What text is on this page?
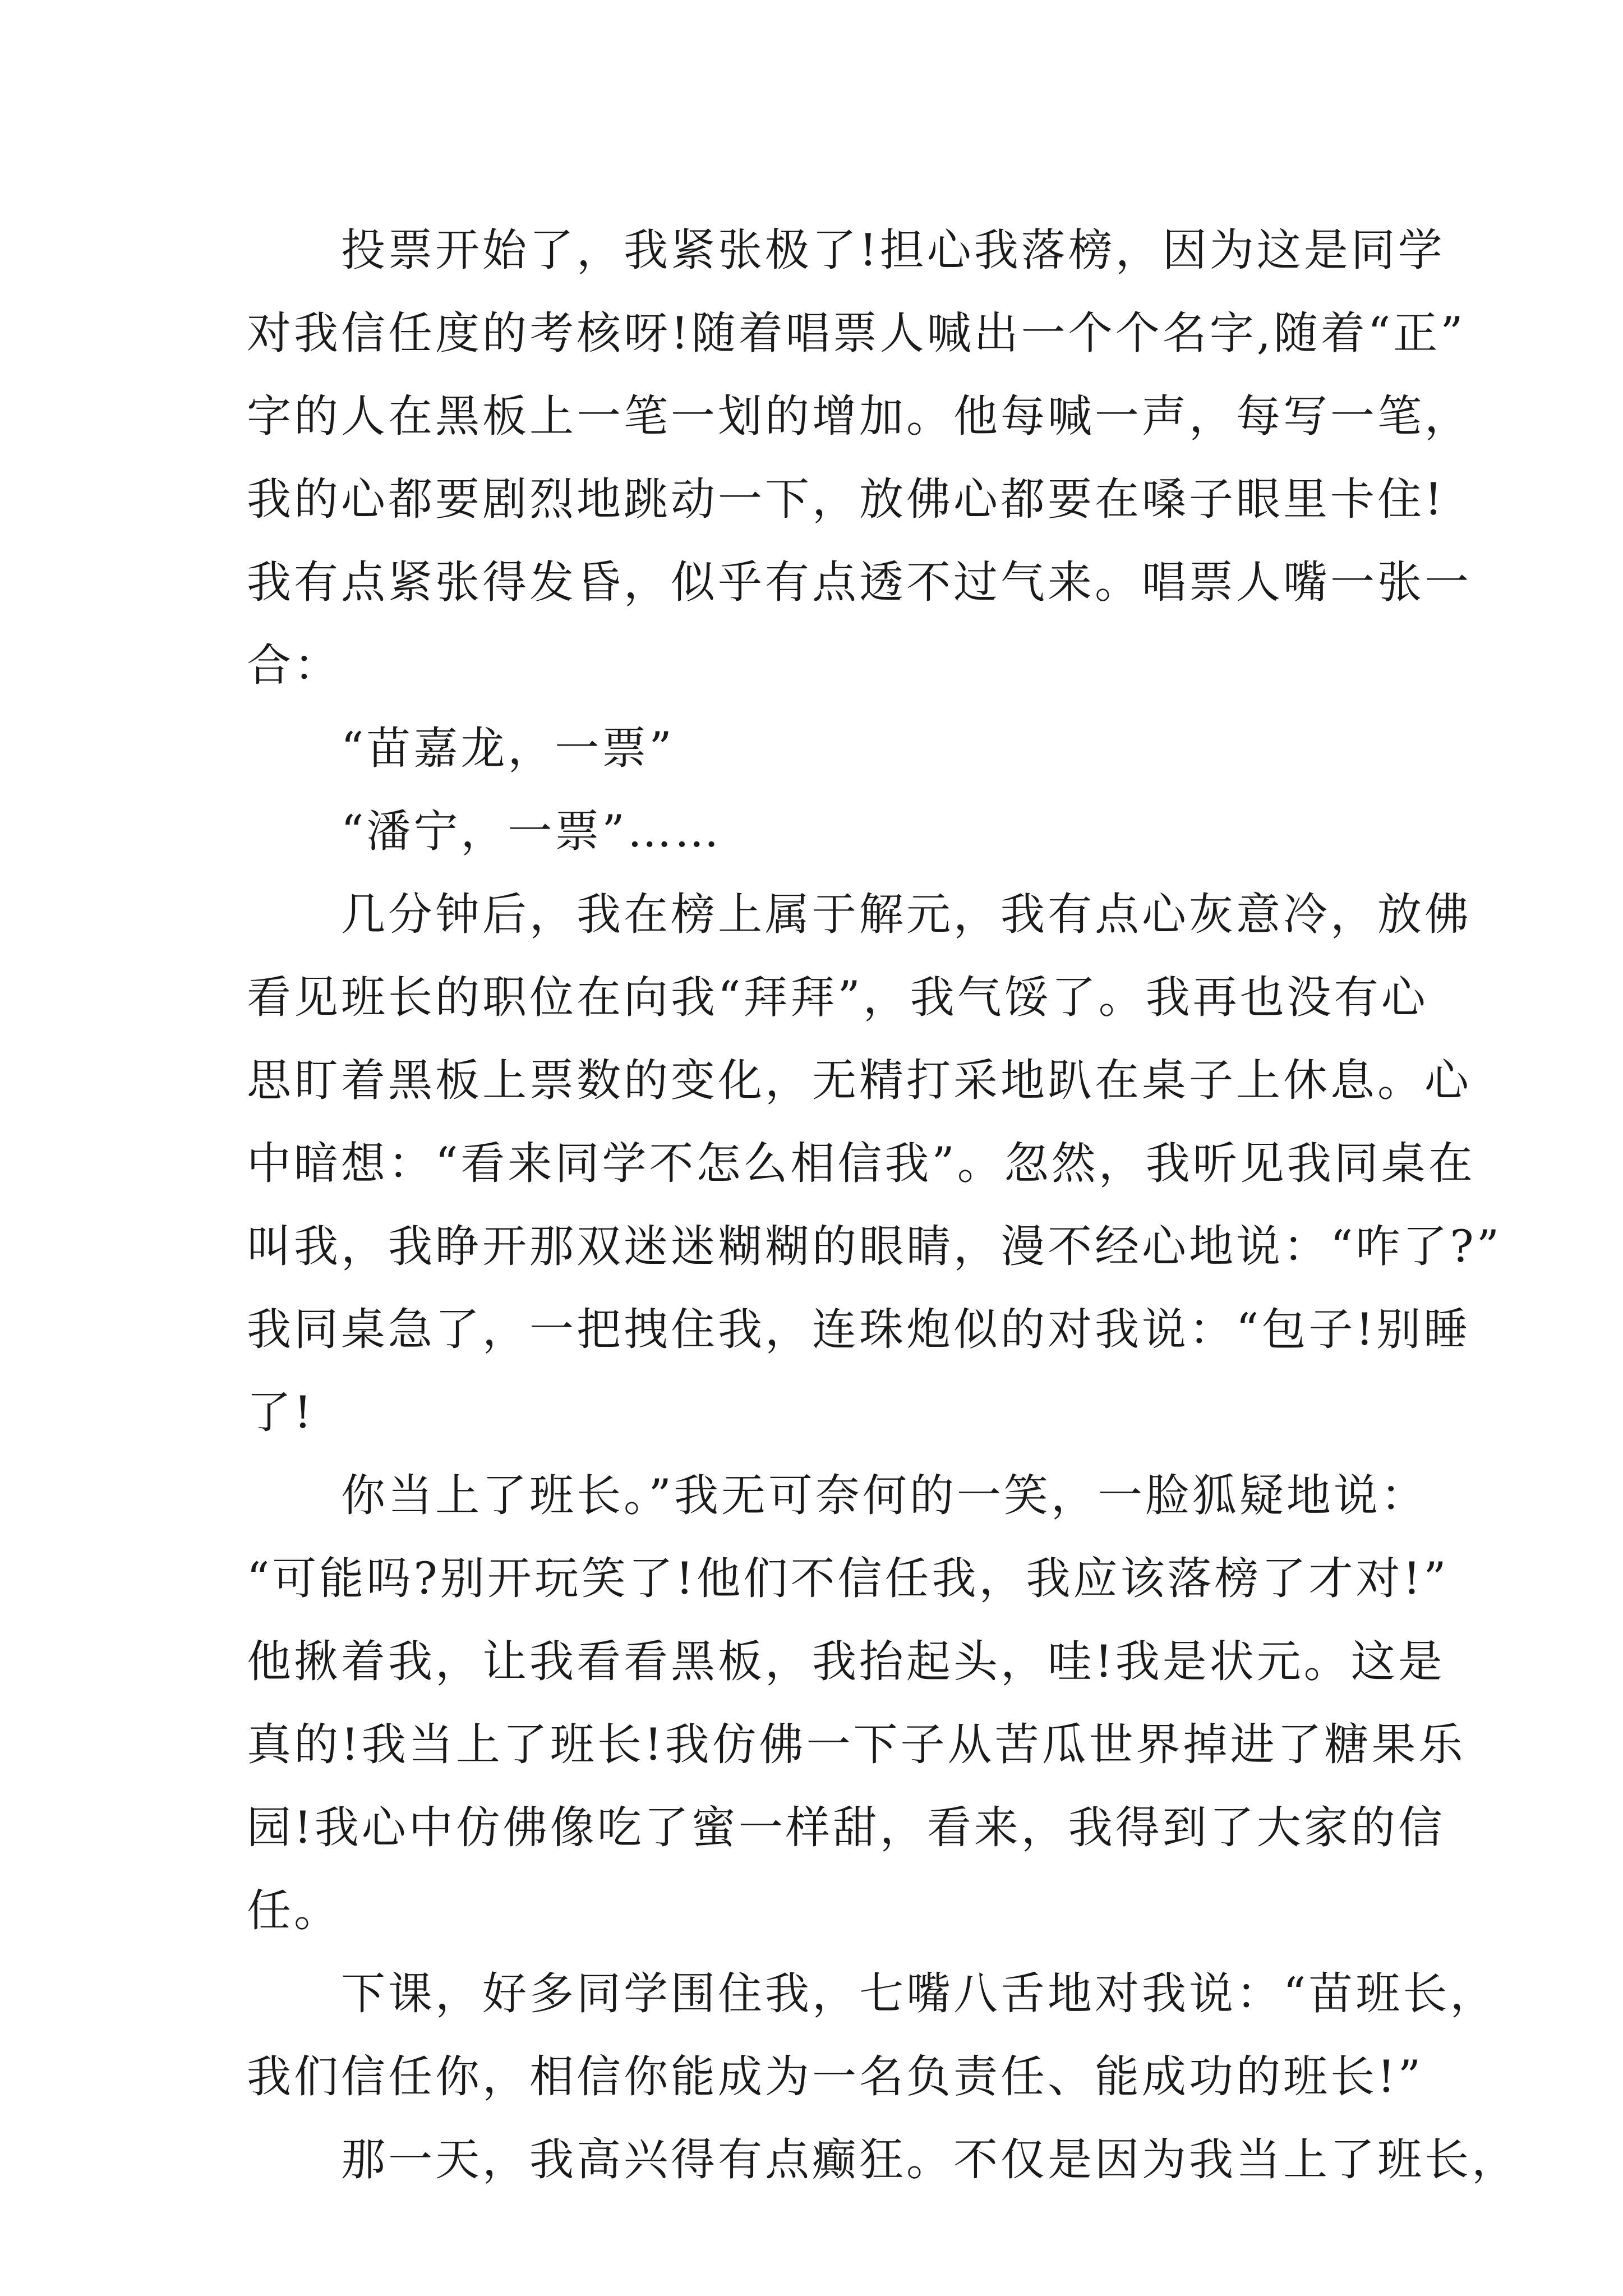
投票开始了，我紧张极了!担心我落榜，因为这是同学
对我信任度的考核呀!随着唱票人喊出一个个名字,随着“正”
字的人在黑板上一笔一划的增加。他每喊一声，每写一笔，
我的心都要剧烈地跳动一下，放佛心都要在嗓子眼里卡住!
我有点紧张得发昏，似乎有点透不过气来。唱票人嘴一张一
合：
“苗嘉龙，一票”
“潘宁，一票”……
几分钟后，我在榜上属于解元，我有点心灰意冷，放佛
看见班长的职位在向我“拜拜”，我气馁了。我再也没有心
思盯着黑板上票数的变化，无精打采地趴在桌子上休息。心
中暗想：“看来同学不怎么相信我”。忽然，我听见我同桌在
叫我，我睁开那双迷迷糊糊的眼睛，漫不经心地说：“咋了?”
我同桌急了，一把拽住我，连珠炮似的对我说：“包子!别睡
了!
你当上了班长。”我无可奈何的一笑，一脸狐疑地说：
“可能吗?别开玩笑了!他们不信任我，我应该落榜了才对!”
他揪着我，让我看看黑板，我抬起头，哇!我是状元。这是
真的!我当上了班长!我仿佛一下子从苦瓜世界掉进了糖果乐
园!我心中仿佛像吃了蜜一样甜，看来，我得到了大家的信
任。
下课，好多同学围住我，七嘴八舌地对我说：“苗班长，
我们信任你，相信你能成为一名负责任、能成功的班长!”
那一天，我高兴得有点癫狂。不仅是因为我当上了班长，
